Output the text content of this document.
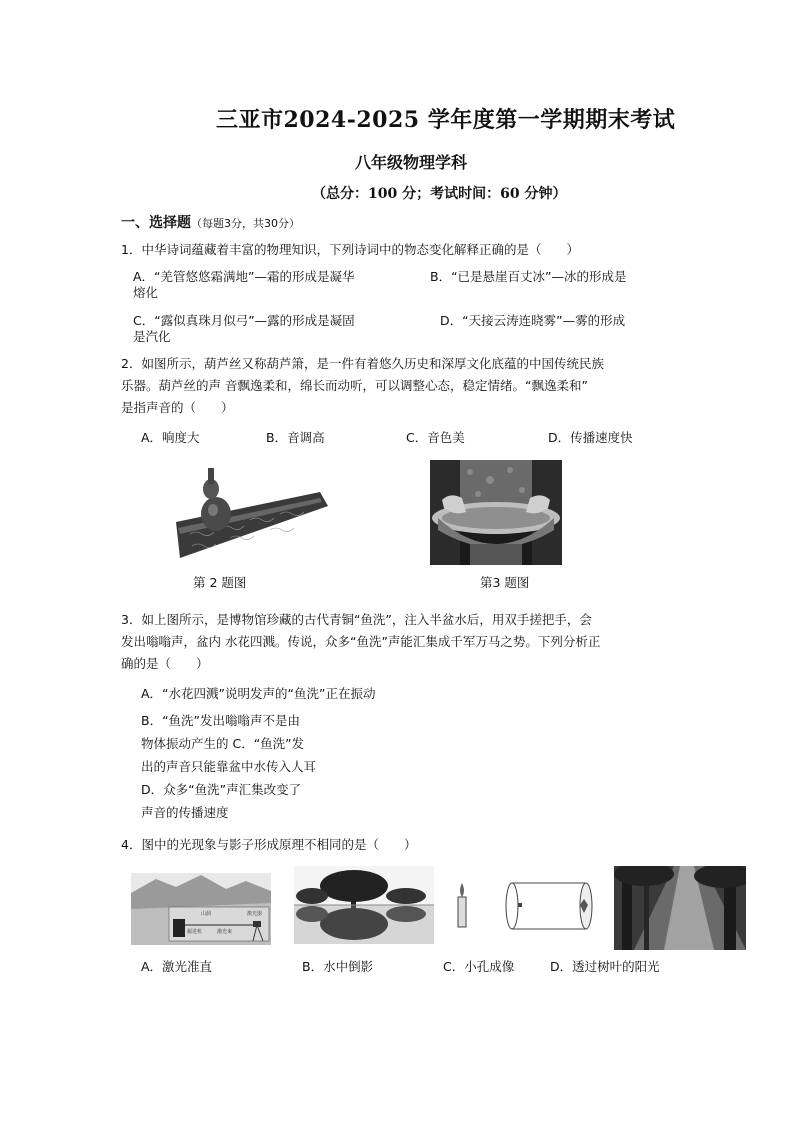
三亚市2024-2025 学年度第一学期期末考试
八年级物理学科
（总分：100 分；考试时间：60 分钟）
一、选择题（每题3分，共30分）
1．中华诗词蕴藏着丰富的物理知识，下列诗词中的物态变化解释正确的是（　　）
A．“羌管悠悠霜满地”—霜的形成是凝华	B．“已是悬崖百丈冰”—冰的形成是
熔化
C．“露似真珠月似弓”—露的形成是凝固	D．“天接云涛连晓雾”—雾的形成
是汽化
2．如图所示，葫芦丝又称葫芦箫，是一件有着悠久历史和深厚文化底蕴的中国传统民族
乐器。葫芦丝的声 音飘逸柔和，绵长而动听，可以调整心态，稳定情绪。“飘逸柔和”
是指声音的（　　）
A．响度大	B．音调高	C．音色美	D．传播速度快
第 2 题图	第3 题图
3．如上图所示，是博物馆珍藏的古代青铜“鱼洗”，注入半盆水后，用双手搓把手，会
发出嗡嗡声，盆内 水花四溅。传说，众多“鱼洗”声能汇集成千军万马之势。下列分析正
确的是（　　）
A．“水花四溅”说明发声的“鱼洗”正在振动
B．“鱼洗”发出嗡嗡声不是由
物体振动产生的 C．“鱼洗”发
出的声音只能靠盆中水传入人耳
D．众多“鱼洗”声汇集改变了
声音的传播速度
4．图中的光现象与影子形成原理不相同的是（　　）
山洞	激光器
掘进机	激光束
A．激光准直	B．水中倒影	C．小孔成像	D．透过树叶的阳光
